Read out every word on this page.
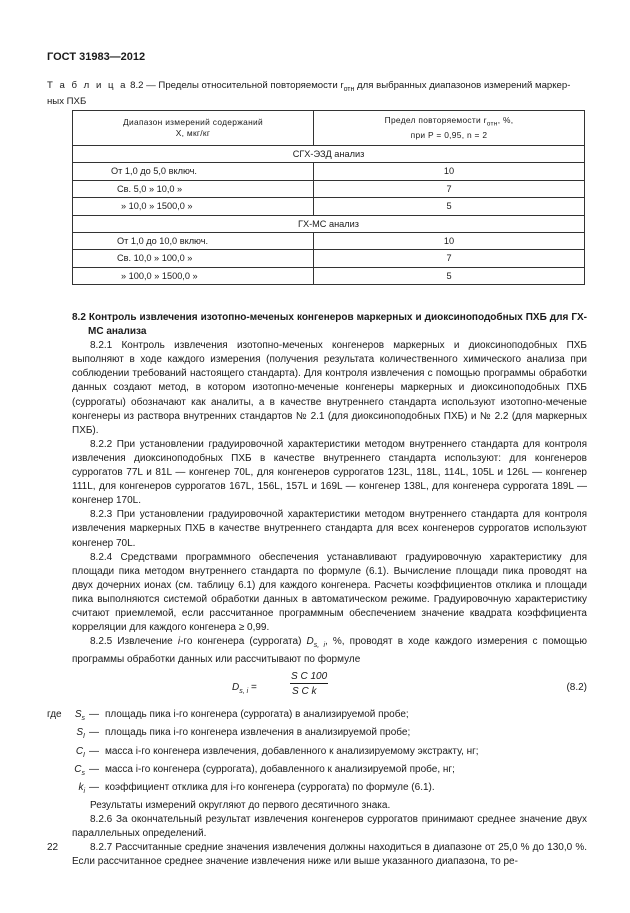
ГОСТ 31983—2012
Т а б л и ц а 8.2 — Пределы относительной повторяемости $r_{отн}$ для выбранных диапазонов измерений маркер-
ных ПХБ
Диапазон измерений содержаний
X, мкг/кг	Предел повторяемости $r_{отн}$, %,
при P = 0,95, n = 2
СГХ-ЭЗД анализ	
От 1,0 до 5,0 включ.	10
Св. 5,0 » 10,0 »	7
» 10,0 » 1500,0 »	5
ГХ-МС анализ	
От 1,0 до 10,0 включ.	10
Св. 10,0 » 100,0 »	7
» 100,0 » 1500,0 »	5

8.2 Контроль извлечения изотопно-меченых конгенеров маркерных и диоксиноподобных ПХБ для ГХ-МС анализа

8.2.1 Контроль извлечения изотопно-меченых конгенеров маркерных и диоксиноподобных ПХБ выполняют в ходе каждого измерения (получения результата количественного химического анализа при соблюдении требований настоящего стандарта). Для контроля извлечения с помощью программы обработки данных создают метод, в котором изотопно-меченые конгенеры маркерных и диоксиноподобных ПХБ (суррогаты) обозначают как аналиты, а в качестве внутреннего стандарта используют изотопно-меченые конгенеры из раствора внутренних стандартов № 2.1 (для диоксиноподобных ПХБ) и № 2.2 (для маркерных ПХБ).

8.2.2 При установлении градуировочной характеристики методом внутреннего стандарта для контроля извлечения диоксиноподобных ПХБ в качестве внутреннего стандарта используют: для конгенеров суррогатов 77L и 81L — конгенер 70L, для конгенеров суррогатов 123L, 118L, 114L, 105L и 126L — конгенер 111L, для конгенеров суррогатов 167L, 156L, 157L и 169L — конгенер 138L, для конгенера суррогата 189L — конгенер 170L.

8.2.3 При установлении градуировочной характеристики методом внутреннего стандарта для контроля извлечения маркерных ПХБ в качестве внутреннего стандарта для всех конгенеров суррогатов используют конгенер 70L.

8.2.4 Средствами программного обеспечения устанавливают градуировочную характеристику для площади пика методом внутреннего стандарта по формуле (6.1). Вычисление площади пика проводят на двух дочерних ионах (см. таблицу 6.1) для каждого конгенера. Расчеты коэффициентов отклика и площади пика выполняются системой обработки данных в автоматическом режиме. Градуировочную характеристику считают приемлемой, если рассчитанное программным обеспечением значение квадрата коэффициента корреляции для каждого конгенера ≥ 0,99.

8.2.5 Извлечение i-го конгенера (суррогата) $D_{s, i}$, %, проводят в ходе каждого измерения с помощью программы обработки данных или рассчитывают по формуле

$D_{s, i}$ =
S C 100
S C k	(8.2)
где	$S_s$ — площадь пика i-го конгенера (суррогата) в анализируемой пробе;
$S_I$ — площадь пика i-го конгенера извлечения в анализируемой пробе;
$C_I$ — масса i-го конгенера извлечения, добавленного к анализируемому экстракту, нг;
$C_s$ — масса i-го конгенера (суррогата), добавленного к анализируемой пробе, нг;
$k_i$ — коэффициент отклика для i-го конгенера (суррогата) по формуле (6.1).

Результаты измерений округляют до первого десятичного знака.

8.2.6 За окончательный результат извлечения конгенеров суррогатов принимают среднее значение двух параллельных определений.

8.2.7 Рассчитанные средние значения извлечения должны находиться в диапазоне от 25,0 % до 130,0 %. Если рассчитанное среднее значение извлечения ниже или выше указанного диапазона, то ре-

22
